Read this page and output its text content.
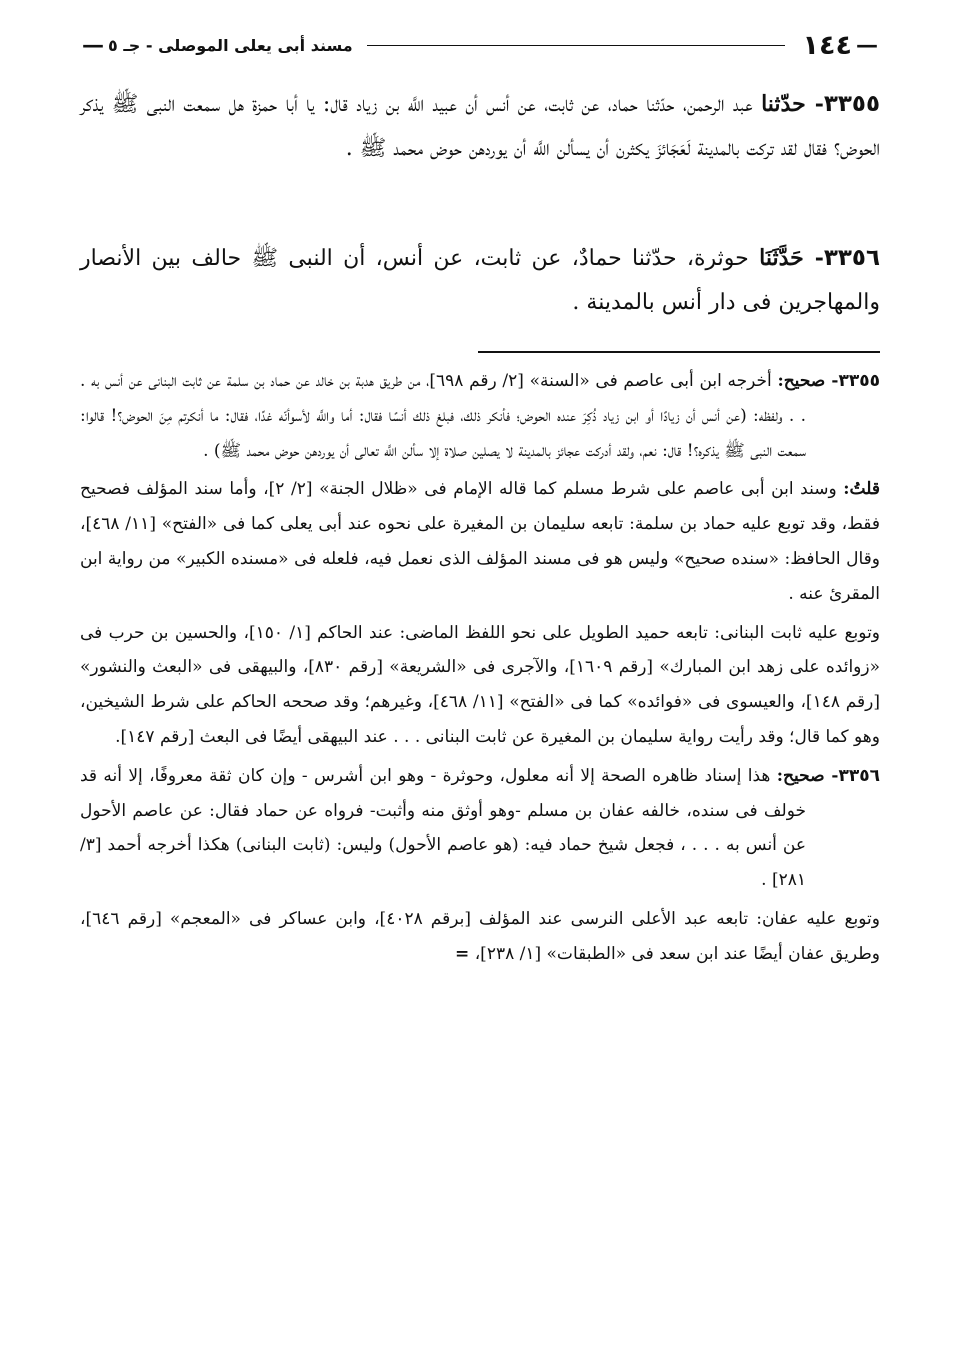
—
١٤٤
مسند أبى يعلى الموصلى - جـ ٥
—
٣٣٥٥- حدّثنا عبد الرحمن، حدّثنا حماد، عن ثابت، عن أنس أن عبيد اللَّه بن زياد قال: يا أبا حمزة هل سمعت النبى ﷺ يذكر الحوض؟ فقال لقد تركت بالمدينة لَعَجَائزَ يكثرن أن يسألن اللَّه أن يوردهن حوض محمد ﷺ .
٣٣٥٦- حَدَّثَنَا حوثرة، حدّثنا حمادٌ، عن ثابت، عن أنس، أن النبى ﷺ حالف بين الأنصار والمهاجرين فى دار أنس بالمدينة .

٣٣٥٥- صحيح: أخرجه ابن أبى عاصم فى «السنة» [٢/ رقم ٦٩٨]، من طريق هدبة بن خالد عن حماد بن سلمة عن ثابت البنانى عن أنس به . . . ولفظه: (عن أنس أن زيادًا أو ابن زياد ذُكِرَ عنده الحوض؛ فأنكر ذلك، فبلغ ذلك أنسًا فقال: أما واللَّه لأسوأنّه غدًا، فقال: ما أنكرتم مِنَ الحوض؟! قالوا: سمعت النبى ﷺ يذكره؟! قال: نعم، ولقد أدركت عجائز بالمدينة لا يصلين صلاة إلا سألن اللَّه تعالى أن يوردهن حوض محمد ﷺ) .

قلتُ: وسند ابن أبى عاصم على شرط مسلم كما قاله الإمام فى «ظلال الجنة» [٢/ ٢]، وأما سند المؤلف فصحيح فقط، وقد توبع عليه حماد بن سلمة: تابعه سليمان بن المغيرة على نحوه عند أبى يعلى كما فى «الفتح» [١١/ ٤٦٨]، وقال الحافظ: «سنده صحيح» وليس هو فى مسند المؤلف الذى نعمل فيه، فلعله فى «مسنده الكبير» من رواية ابن المقرئ عنه .

وتوبع عليه ثابت البنانى: تابعه حميد الطويل على نحو اللفظ الماضى: عند الحاكم [١/ ١٥٠]، والحسين بن حرب فى «زوائده على زهد ابن المبارك» [رقم ١٦٠٩]، والآجرى فى «الشريعة» [رقم ٨٣٠]، والبيهقى فى «البعث والنشور» [رقم ١٤٨]، والعيسوى فى «فوائده» كما فى «الفتح» [١١/ ٤٦٨]، وغيرهم؛ وقد صححه الحاكم على شرط الشيخين، وهو كما قال؛ وقد رأيت رواية سليمان بن المغيرة عن ثابت البنانى . . . عند البيهقى أيضًا فى البعث [رقم ١٤٧].

٣٣٥٦- صحيح: هذا إسناد ظاهره الصحة إلا أنه معلول، وحوثرة - وهو ابن أشرس - وإن كان ثقة معروفًا، إلا أنه قد خولف فى سنده، خالفه عفان بن مسلم -وهو أوثق منه وأثبت- فرواه عن حماد فقال: عن عاصم الأحول عن أنس به . . . ، فجعل شيخ حماد فيه: (هو عاصم الأحول) وليس: (ثابت البنانى) هكذا أخرجه أحمد [٣/ ٢٨١] .

وتوبع عليه عفان: تابعه عبد الأعلى النرسى عند المؤلف [برقم ٤٠٢٨]، وابن عساكر فى «المعجم» [رقم ٦٤٦]، وطريق عفان أيضًا عند ابن سعد فى «الطبقات» [١/ ٢٣٨]، =
